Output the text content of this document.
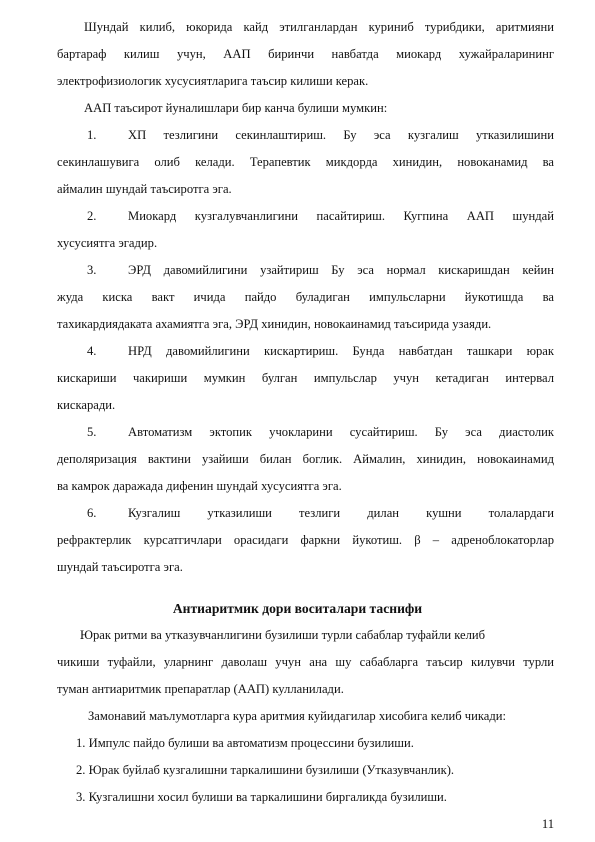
Шундай килиб, юкорида кайд этилганлардан куриниб турибдики, аритмияни
бартараф килиш учун, ААП биринчи навбатда миокард хужайраларининг
электрофизиологик хусусиятларига таъсир килиши керак.
ААП таъсирот йуналишлари бир канча булиши мумкин:
1.	ХП тезлигини секинлаштириш. Бу эса кузгалиш утказилишини
секинлашувига олиб келади. Терапевтик микдорда хинидин, новоканамид ва
аймалин шундай таъсиротга эга.
2.	Миокард кузгалувчанлигини пасайтириш. Кугпина ААП шундай
хусусиятга эгадир.
3.	ЭРД давомийлигини узайтириш Бу эса нормал кискаришдан кейин
жуда киска вакт ичида пайдо буладиган импульсларни йукотишда ва
тахикардиядаката ахамиятга эга, ЭРД хинидин, новокаинамид таъсирида узаяди.
4.	НРД давомийлигини кискартириш. Бунда навбатдан ташкари юрак
кискариши чакириши мумкин булган импульслар учун кетадиган интервал
кискаради.
5.	Автоматизм эктопик учокларини сусайтириш. Бу эса диастолик
деполяризация вактини узайиши билан боглик. Аймалин, хинидин, новокаинамид
ва камрок даражада дифенин шундай хусусиятга эга.
6.	Кузгалиш утказилиши тезлиги дилан кушни толалардаги
рефрактерлик курсатгичлари орасидаги фаркни йукотиш. β – адреноблокаторлар
шундай таъсиротга эга.
Антиаритмик дори воситалари таснифи
Юрак ритми ва утказувчанлигини бузилиши турли сабаблар туфайли келиб
чикиши туфайли, уларнинг даволаш учун ана шу сабабларга таъсир килувчи турли
туман антиаритмик препаратлар (ААП) кулланилади.
Замонавий маълумотларга кура аритмия куйидагилар хисобига келиб чикади:
1. Импулс пайдо булиши ва автоматизм процессини бузилиши.
2. Юрак буйлаб кузгалишни таркалишини бузилиши (Утказувчанлик).
3. Кузгалишни хосил булиши ва таркалишини биргаликда бузилиши.
11
